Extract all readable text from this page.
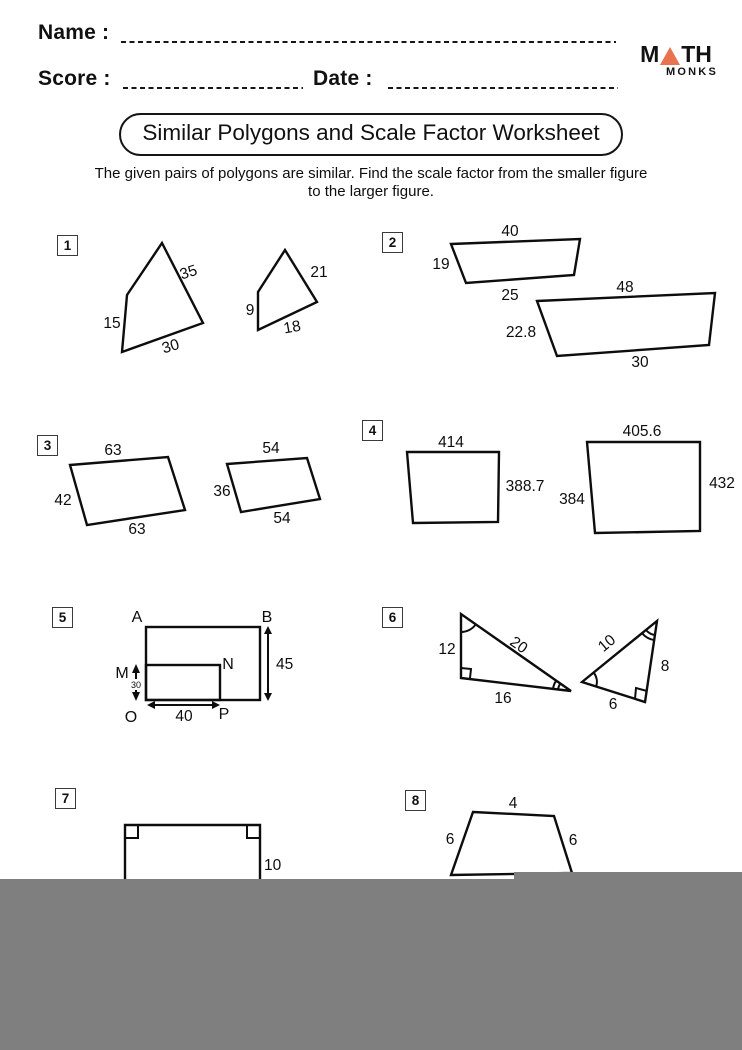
Name :
Score :	Date :
M TH
MONKS
Similar Polygons and Scale Factor Worksheet
The given pairs of polygons are similar. Find the scale factor from the smaller figure
to the larger figure.
1	2
3
4
5	6
7	8
35
15
30
21
9
18
40
19
25	48
22.8
30
63
42
63
54
36
54
414
388.7
405.6
384
432
A	B
45
M
N
30
O 40 P
12	20
16
10
8
6
10
4
6	6
